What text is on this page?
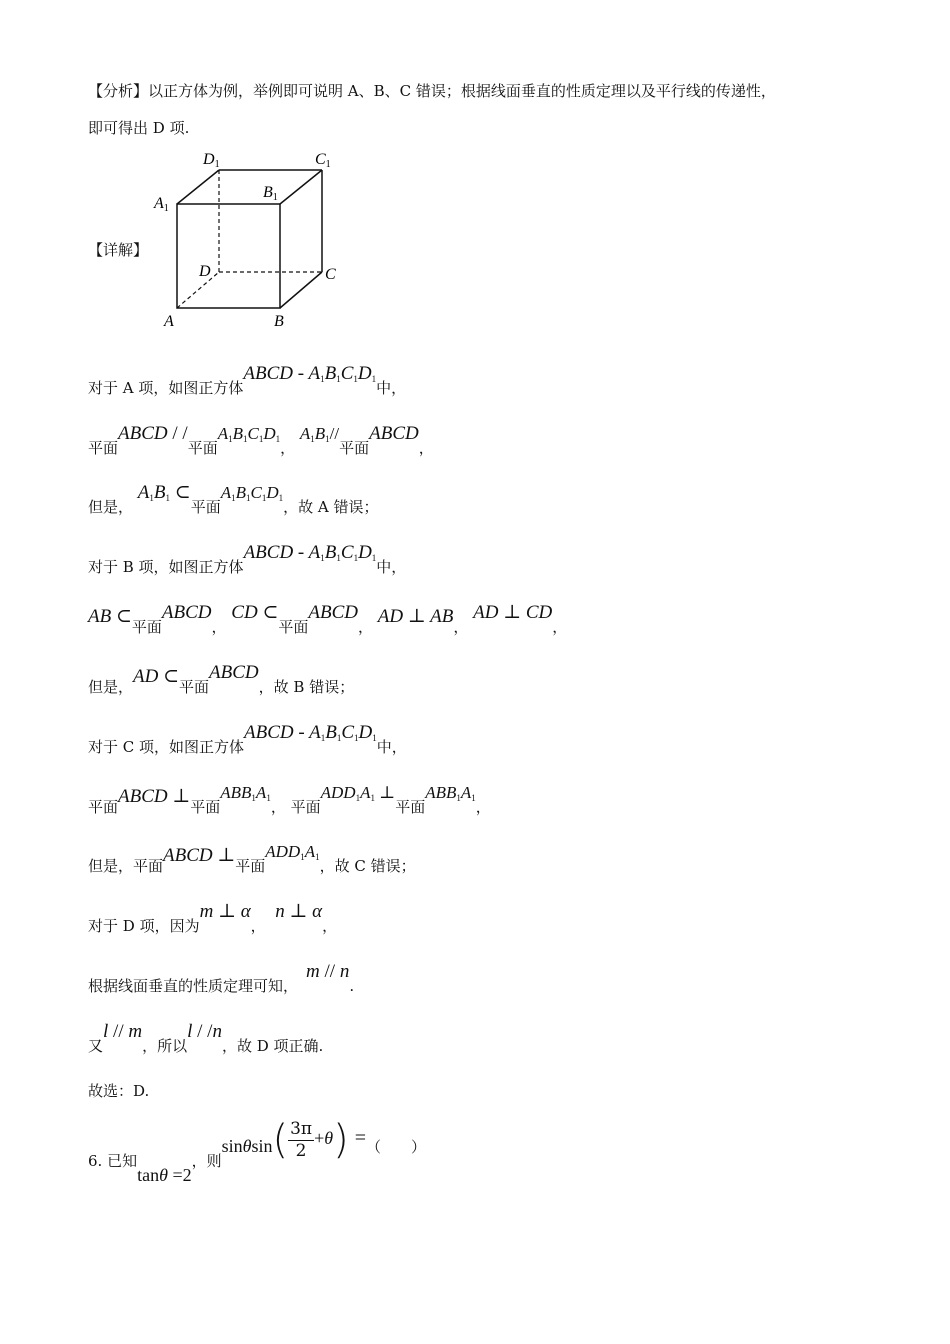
【分析】以正方体为例，举例即可说明 A、B、C 错误；根据线面垂直的性质定理以及平行线的传递性，
即可得出 D 项.
【详解】
D1	C1
A1
B1
D	C
A	B
对于 A 项，如图正方体ABCD - $A_1B_1C_1D_1$中，
平面ABCD / /平面$A_1B_1C_1D_1$， $A_1B_1//$平面ABCD，
但是， $A_1B_1$ ⊂平面$A_1B_1C_1D_1$，故 A 错误；
对于 B 项，如图正方体ABCD - $A_1B_1C_1D_1$中，
AB ⊂平面ABCD， CD ⊂平面ABCD， AD ⊥ AB， AD ⊥ CD，
但是，AD ⊂平面ABCD，故 B 错误；
对于 C 项，如图正方体ABCD - $A_1B_1C_1D_1$中，
平面ABCD ⊥平面$ABB_1A_1$， 平面$ADD_1A_1$ ⊥平面$ABB_1A_1$，
但是，平面ABCD ⊥平面$ADD_1A_1$，故 C 错误；
对于 D 项，因为m ⊥ α，  n ⊥ α，
根据线面垂直的性质定理可知，m // n.
又l // m，所以l / /n，故 D 项正确.
故选：D.
6. 已知tanθ =2，则$\sin\theta\sin( \frac{3\pi}{2} +\theta)$ =（　　）
